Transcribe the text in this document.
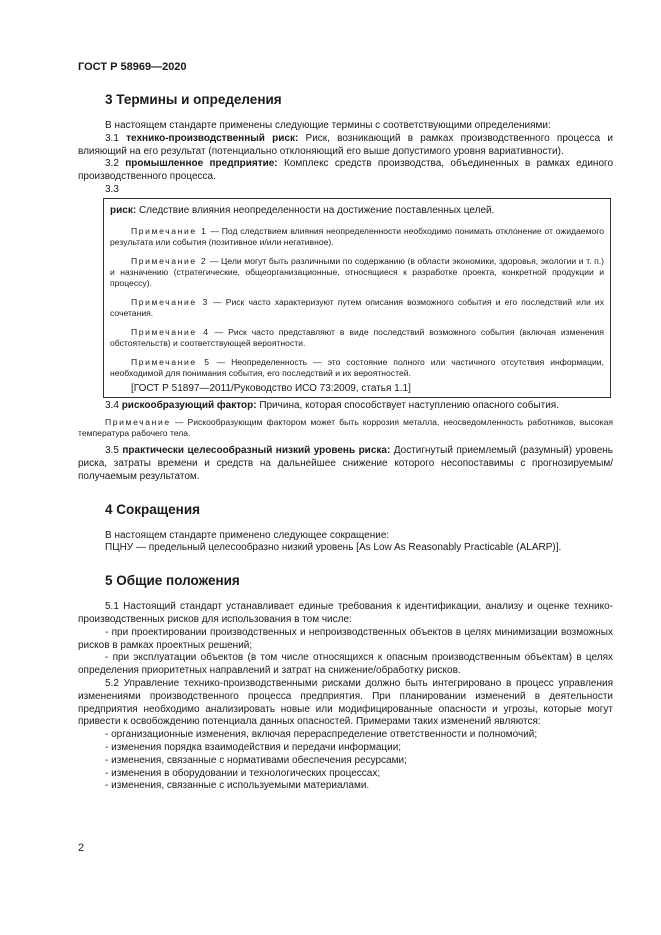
ГОСТ Р 58969—2020
3 Термины и определения

В настоящем стандарте применены следующие термины с соответствующими определениями:

3.1 технико-производственный риск: Риск, возникающий в рамках производственного процесса и влияющий на его результат (потенциально отклоняющий его выше допустимого уровня вариативности).

3.2 промышленное предприятие: Комплекс средств производства, объединенных в рамках единого производственного процесса.

3.3

риск: Следствие влияния неопределенности на достижение поставленных целей.

Примечание 1 — Под следствием влияния неопределенности необходимо понимать отклонение от ожидаемого результата или события (позитивное и/или негативное).

Примечание 2 — Цели могут быть различными по содержанию (в области экономики, здоровья, экологии и т. п.) и назначению (стратегические, общеорганизационные, относящиеся к разработке проекта, конкретной продукции и процессу).

Примечание 3 — Риск часто характеризуют путем описания возможного события и его последствий или их сочетания.

Примечание 4 — Риск часто представляют в виде последствий возможного события (включая изменения обстоятельств) и соответствующей вероятности.

Примечание 5 — Неопределенность — это состояние полного или частичного отсутствия информации, необходимой для понимания события, его последствий и их вероятностей.

[ГОСТ Р 51897—2011/Руководство ИСО 73:2009, статья 1.1]

3.4 рискообразующий фактор: Причина, которая способствует наступлению опасного события.

Примечание — Рискообразующим фактором может быть коррозия металла, неосведомленность работников, высокая температура рабочего тела.

3.5 практически целесообразный низкий уровень риска: Достигнутый приемлемый (разумный) уровень риска, затраты времени и средств на дальнейшее снижение которого несопоставимы с прогнозируемым/получаемым результатом.

4 Сокращения

В настоящем стандарте применено следующее сокращение:

ПЦНУ — предельный целесообразно низкий уровень [As Low As Reasonably Practicable (ALARP)].

5 Общие положения

5.1 Настоящий стандарт устанавливает единые требования к идентификации, анализу и оценке технико-производственных рисков для использования в том числе:

- при проектировании производственных и непроизводственных объектов в целях минимизации возможных рисков в рамках проектных решений;

- при эксплуатации объектов (в том числе относящихся к опасным производственным объектам) в целях определения приоритетных направлений и затрат на снижение/обработку рисков.

5.2 Управление технико-производственными рисками должно быть интегрировано в процесс управления изменениями производственного процесса предприятия. При планировании изменений в деятельности предприятия необходимо анализировать новые или модифицированные опасности и угрозы, которые могут привести к освобождению потенциала данных опасностей. Примерами таких изменений являются:

- организационные изменения, включая перераспределение ответственности и полномочий;

- изменения порядка взаимодействия и передачи информации;

- изменения, связанные с нормативами обеспечения ресурсами;

- изменения в оборудовании и технологических процессах;

- изменения, связанные с используемыми материалами.

2
